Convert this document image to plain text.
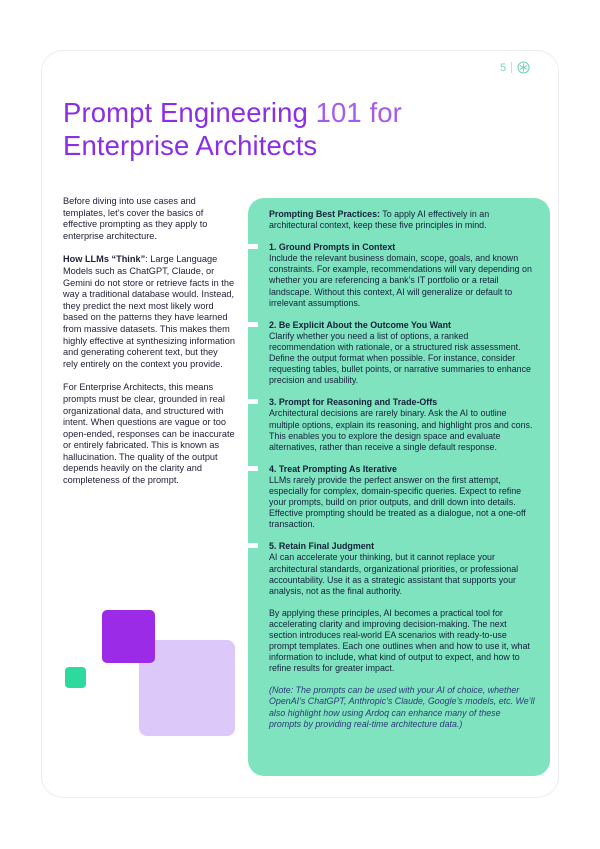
5
Prompt Engineering 101 for
Enterprise Architects

Before diving into use cases and templates, let’s cover the basics of effective prompting as they apply to enterprise architecture.

How LLMs “Think”: Large Language Models such as ChatGPT, Claude, or Gemini do not store or retrieve facts in the way a traditional database would. Instead, they predict the next most likely word based on the patterns they have learned from massive datasets. This makes them highly effective at synthesizing information and generating coherent text, but they rely entirely on the context you provide.

For Enterprise Architects, this means prompts must be clear, grounded in real organizational data, and structured with intent. When questions are vague or too open-ended, responses can be inaccurate or entirely fabricated. This is known as hallucination. The quality of the output depends heavily on the clarity and completeness of the prompt.

Prompting Best Practices: To apply AI effectively in an architectural context, keep these five principles in mind.

1. Ground Prompts in Context
Include the relevant business domain, scope, goals, and known constraints. For example, recommendations will vary depending on whether you are referencing a bank’s IT portfolio or a retail landscape. Without this context, AI will generalize or default to irrelevant assumptions.
2. Be Explicit About the Outcome You Want
Clarify whether you need a list of options, a ranked recommendation with rationale, or a structured risk assessment. Define the output format when possible. For instance, consider requesting tables, bullet points, or narrative summaries to enhance precision and usability.
3. Prompt for Reasoning and Trade-Offs
Architectural decisions are rarely binary. Ask the AI to outline multiple options, explain its reasoning, and highlight pros and cons. This enables you to explore the design space and evaluate alternatives, rather than receive a single default response.
4. Treat Prompting As Iterative
LLMs rarely provide the perfect answer on the first attempt, especially for complex, domain-specific queries. Expect to refine your prompts, build on prior outputs, and drill down into details. Effective prompting should be treated as a dialogue, not a one-off transaction.
5. Retain Final Judgment
AI can accelerate your thinking, but it cannot replace your architectural standards, organizational priorities, or professional accountability. Use it as a strategic assistant that supports your analysis, not as the final authority.

By applying these principles, AI becomes a practical tool for accelerating clarity and improving decision-making. The next section introduces real-world EA scenarios with ready-to-use prompt templates. Each one outlines when and how to use it, what information to include, what kind of output to expect, and how to refine results for greater impact.

(Note: The prompts can be used with your AI of choice, whether OpenAI’s ChatGPT, Anthropic’s Claude, Google’s models, etc. We’ll also highlight how using Ardoq can enhance many of these prompts by providing real-time architecture data.)
